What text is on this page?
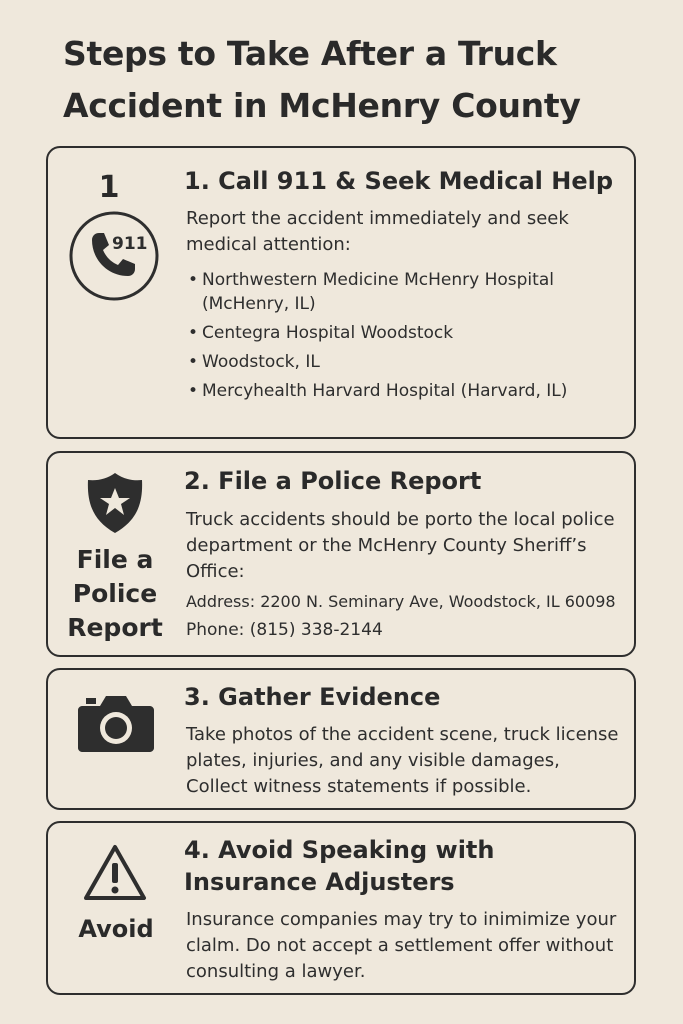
Steps to Take After a Truck
Accident in McHenry County
1
911
1. Call 911 & Seek Medical Help

Report the accident immediately and seek medical attention:

• Northwestern Medicine McHenry Hospital (McHenry, IL)
• Centegra Hospital Woodstock
• Woodstock, IL
• Mercyhealth Harvard Hospital (Harvard, IL)
File a
Police
Report
2. File a Police Report

Truck accidents should be porto the local police department or the McHenry County Sheriff’s Office:

Address: 2200 N. Seminary Ave, Woodstock, IL 60098

Phone: (815) 338-2144

3. Gather Evidence

Take photos of the accident scene, truck license plates, injuries, and any visible damages, Collect witness statements if possible.

Avoid
4. Avoid Speaking with
Insurance Adjusters

Insurance companies may try to inimimize your clalm. Do not accept a settlement offer without consulting a lawyer.
